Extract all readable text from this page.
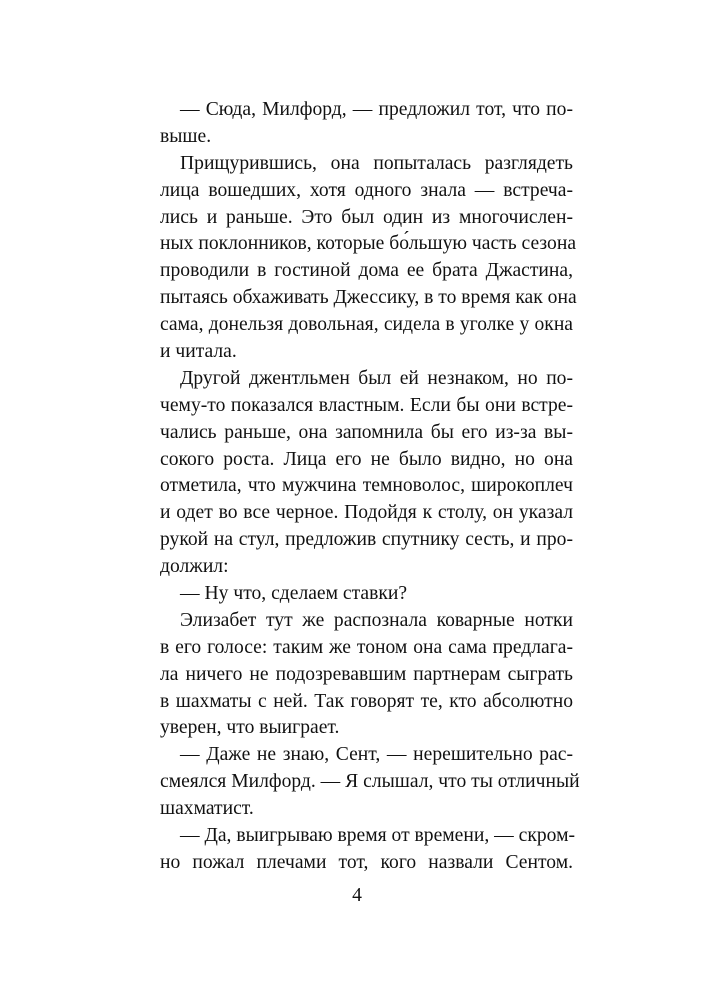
— Сюда, Милфорд, — предложил тот, что по-
выше.
Прищурившись, она попыталась разглядеть
лица вошедших, хотя одного знала — встреча-
лись и раньше. Это был один из многочислен-
ных поклонников, которые бо́льшую часть сезона
проводили в гостиной дома ее брата Джастина,
пытаясь обхаживать Джессику, в то время как она
сама, донельзя довольная, сидела в уголке у окна
и читала.
Другой джентльмен был ей незнаком, но по-
чему-то показался властным. Если бы они встре-
чались раньше, она запомнила бы его из-за вы-
сокого роста. Лица его не было видно, но она
отметила, что мужчина темноволос, широкоплеч
и одет во все черное. Подойдя к столу, он указал
рукой на стул, предложив спутнику сесть, и про-
должил:
— Ну что, сделаем ставки?
Элизабет тут же распознала коварные нотки
в его голосе: таким же тоном она сама предлага-
ла ничего не подозревавшим партнерам сыграть
в шахматы с ней. Так говорят те, кто абсолютно
уверен, что выиграет.
— Даже не знаю, Сент, — нерешительно рас-
смеялся Милфорд. — Я слышал, что ты отличный
шахматист.
— Да, выигрываю время от времени, — скром-
но пожал плечами тот, кого назвали Сентом.
4
